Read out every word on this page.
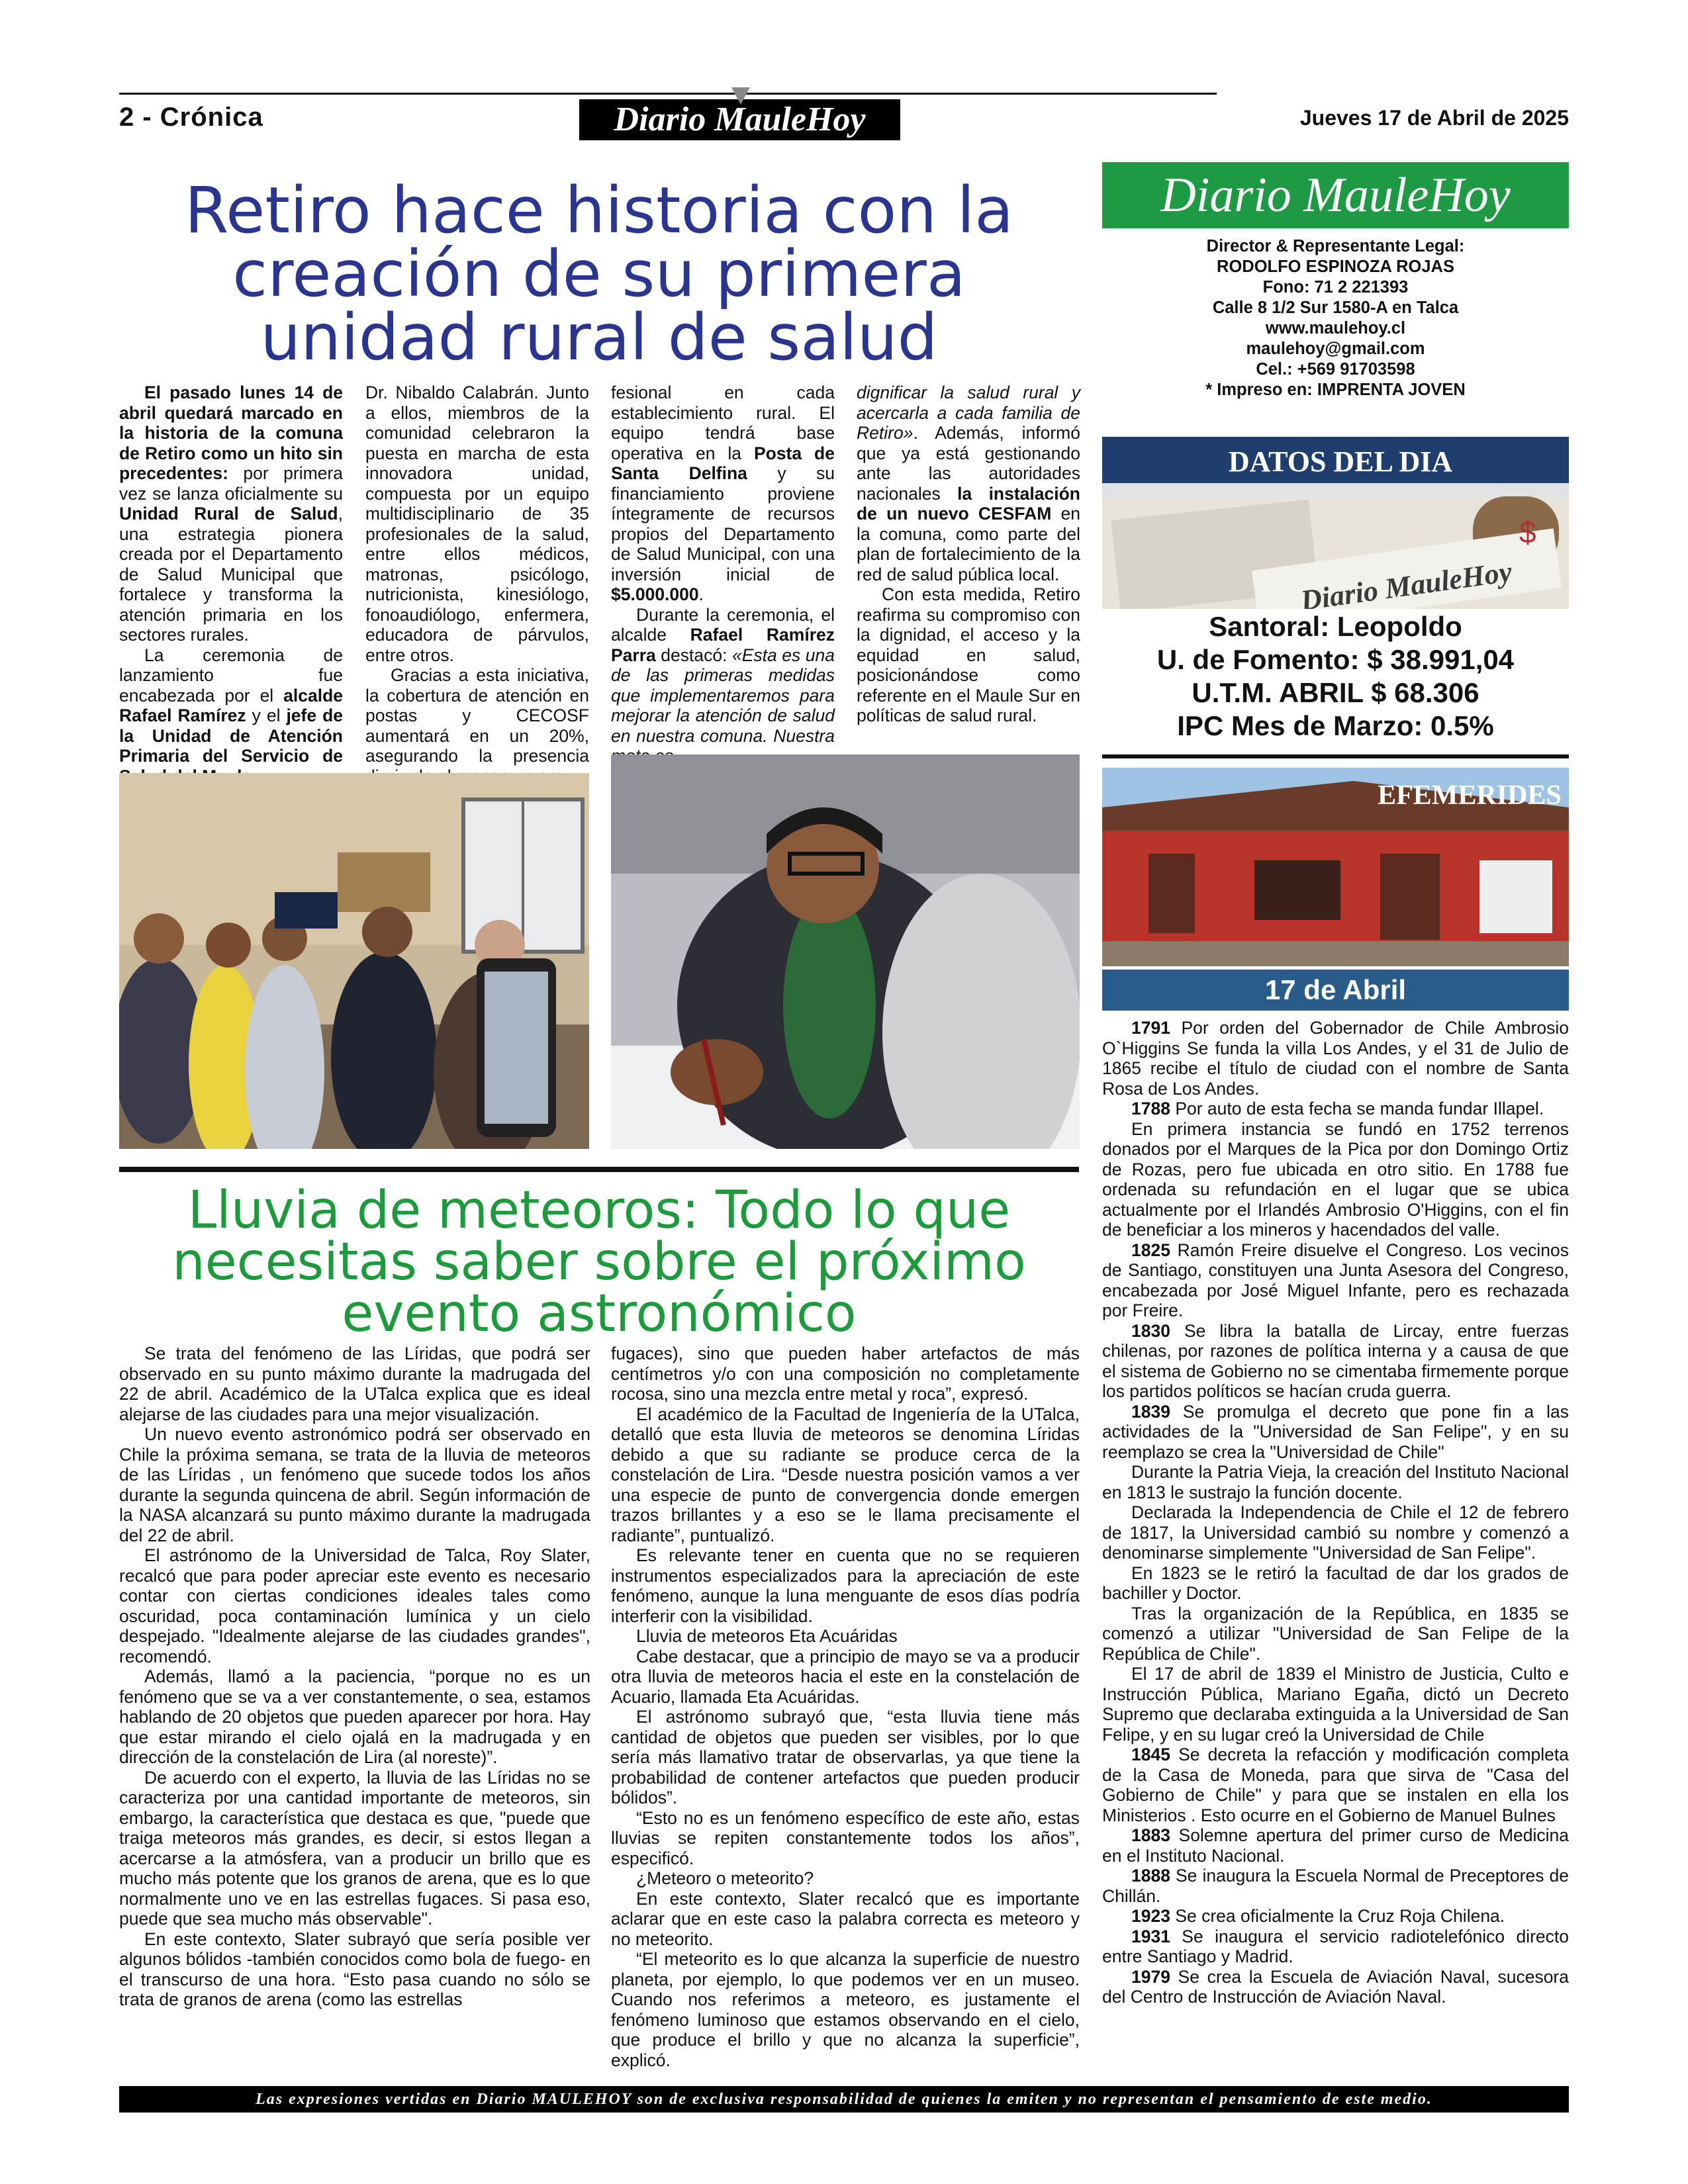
2 - Crónica	Diario MauleHoy	Jueves 17 de Abril de 2025
Retiro hace historia con la creación de su primera unidad rural de salud

El pasado lunes 14 de abril quedará marcado en la historia de la comuna de Retiro como un hito sin precedentes: por primera vez se lanza oficialmente su Unidad Rural de Salud, una estrategia pionera creada por el Departamento de Salud Municipal que fortalece y transforma la atención primaria en los sectores rurales.

La ceremonia de lanzamiento fue encabezada por el alcalde Rafael Ramírez y el jefe de la Unidad de Atención Primaria del Servicio de

Dr. Nibaldo Calabrán. Junto a ellos, miembros de la comunidad celebraron la puesta en marcha de esta innovadora unidad, compuesta por un equipo multidisciplinario de 35 profesionales de la salud, entre ellos médicos, matronas, psicólogo, nutricionista, kinesiólogo, fonoaudiólogo, enfermera, educadora de párvulos, entre otros.

Gracias a esta iniciativa, la cobertura de atención en postas y CECOSF aumentará en un 20%, asegurando la presencia

fesional en cada establecimiento rural. El equipo tendrá base operativa en la Posta de Santa Delfina y su financiamiento proviene íntegramente de recursos propios del Departamento de Salud Municipal, con una inversión inicial de $5.000.000.

Durante la ceremonia, el alcalde Rafael Ramírez Parra destacó: «Esta es una de las primeras medidas que implementaremos para mejorar la atención de salud en nuestra comuna. Nuestra

dignificar la salud rural y acercarla a cada familia de Retiro». Además, informó que ya está gestionando ante las autoridades nacionales la instalación de un nuevo CESFAM en la comuna, como parte del plan de fortalecimiento de la red de salud pública local.

Con esta medida, Retiro reafirma su compromiso con la dignidad, el acceso y la equidad en salud, posicionándose como referente en el Maule Sur en políticas de salud rural.

Lluvia de meteoros: Todo lo que necesitas saber sobre el próximo evento astronómico

Se trata del fenómeno de las Líridas, que podrá ser observado en su punto máximo durante la madrugada del 22 de abril. Académico de la UTalca explica que es ideal alejarse de las ciudades para una mejor visualización.

Un nuevo evento astronómico podrá ser observado en Chile la próxima semana, se trata de la lluvia de meteoros de las Líridas , un fenómeno que sucede todos los años durante la segunda quincena de abril. Según información de la NASA alcanzará su punto máximo durante la madrugada del 22 de abril.

El astrónomo de la Universidad de Talca, Roy Slater, recalcó que para poder apreciar este evento es necesario contar con ciertas condiciones ideales tales como oscuridad, poca contaminación lumínica y un cielo despejado. "Idealmente alejarse de las ciudades grandes", recomendó.

Además, llamó a la paciencia, “porque no es un fenómeno que se va a ver constantemente, o sea, estamos hablando de 20 objetos que pueden aparecer por hora. Hay que estar mirando el cielo ojalá en la madrugada y en dirección de la constelación de Lira (al noreste)”.

De acuerdo con el experto, la lluvia de las Líridas no se caracteriza por una cantidad importante de meteoros, sin embargo, la característica que destaca es que, "puede que traiga meteoros más grandes, es decir, si estos llegan a acercarse a la atmósfera, van a producir un brillo que es mucho más potente que los granos de arena, que es lo que normalmente uno ve en las estrellas fugaces. Si pasa eso, puede que sea mucho más observable".

En este contexto, Slater subrayó que sería posible ver algunos bólidos -también conocidos como bola de fuego- en el transcurso de una hora. “Esto pasa cuando no sólo se trata de granos de arena (como las estrellas

fugaces), sino que pueden haber artefactos de más centímetros y/o con una composición no completamente rocosa, sino una mezcla entre metal y roca”, expresó.

El académico de la Facultad de Ingeniería de la UTalca, detalló que esta lluvia de meteoros se denomina Líridas debido a que su radiante se produce cerca de la constelación de Lira. “Desde nuestra posición vamos a ver una especie de punto de convergencia donde emergen trazos brillantes y a eso se le llama precisamente el radiante”, puntualizó.

Es relevante tener en cuenta que no se requieren instrumentos especializados para la apreciación de este fenómeno, aunque la luna menguante de esos días podría interferir con la visibilidad.

Lluvia de meteoros Eta Acuáridas

Cabe destacar, que a principio de mayo se va a producir otra lluvia de meteoros hacia el este en la constelación de Acuario, llamada Eta Acuáridas.

El astrónomo subrayó que, “esta lluvia tiene más cantidad de objetos que pueden ser visibles, por lo que sería más llamativo tratar de observarlas, ya que tiene la probabilidad de contener artefactos que pueden producir bólidos”.

“Esto no es un fenómeno específico de este año, estas lluvias se repiten constantemente todos los años”, especificó.

¿Meteoro o meteorito?

En este contexto, Slater recalcó que es importante aclarar que en este caso la palabra correcta es meteoro y no meteorito.

“El meteorito es lo que alcanza la superficie de nuestro planeta, por ejemplo, lo que podemos ver en un museo. Cuando nos referimos a meteoro, es justamente el fenómeno luminoso que estamos observando en el cielo, que produce el brillo y que no alcanza la superficie”, explicó.

Diario MauleHoy
Director & Representante Legal:
RODOLFO ESPINOZA ROJAS
Fono: 71 2 221393
Calle 8 1/2 Sur 1580-A en Talca
www.maulehoy.cl
maulehoy@gmail.com
Cel.: +569 91703598
* Impreso en: IMPRENTA JOVEN
DATOS DEL DIA
Diario MauleHoy
$
Santoral: Leopoldo
U. de Fomento: $ 38.991,04
U.T.M. ABRIL $ 68.306
IPC Mes de Marzo: 0.5%
EFEMERIDES
17 de Abril

1791 Por orden del Gobernador de Chile Ambrosio O`Higgins Se funda la villa Los Andes, y el 31 de Julio de 1865 recibe el título de ciudad con el nombre de Santa Rosa de Los Andes.

1788 Por auto de esta fecha se manda fundar Illapel.

En primera instancia se fundó en 1752 terrenos donados por el Marques de la Pica por don Domingo Ortiz de Rozas, pero fue ubicada en otro sitio. En 1788 fue ordenada su refundación en el lugar que se ubica actualmente por el Irlandés Ambrosio O'Higgins, con el fin de beneficiar a los mineros y hacendados del valle.

1825 Ramón Freire disuelve el Congreso. Los vecinos de Santiago, constituyen una Junta Asesora del Congreso, encabezada por José Miguel Infante, pero es rechazada por Freire.

1830 Se libra la batalla de Lircay, entre fuerzas chilenas, por razones de política interna y a causa de que el sistema de Gobierno no se cimentaba firmemente porque los partidos políticos se hacían cruda guerra.

1839 Se promulga el decreto que pone fin a las actividades de la "Universidad de San Felipe", y en su reemplazo se crea la "Universidad de Chile"

Durante la Patria Vieja, la creación del Instituto Nacional en 1813 le sustrajo la función docente.

Declarada la Independencia de Chile el 12 de febrero de 1817, la Universidad cambió su nombre y comenzó a denominarse simplemente "Universidad de San Felipe".

En 1823 se le retiró la facultad de dar los grados de bachiller y Doctor.

Tras la organización de la República, en 1835 se comenzó a utilizar "Universidad de San Felipe de la República de Chile".

El 17 de abril de 1839 el Ministro de Justicia, Culto e Instrucción Pública, Mariano Egaña, dictó un Decreto Supremo que declaraba extinguida a la Universidad de San Felipe, y en su lugar creó la Universidad de Chile

1845 Se decreta la refacción y modificación completa de la Casa de Moneda, para que sirva de "Casa del Gobierno de Chile" y para que se instalen en ella los Ministerios . Esto ocurre en el Gobierno de Manuel Bulnes

1883 Solemne apertura del primer curso de Medicina en el Instituto Nacional.

1888 Se inaugura la Escuela Normal de Preceptores de Chillán.

1923 Se crea oficialmente la Cruz Roja Chilena.

1931 Se inaugura el servicio radiotelefónico directo entre Santiago y Madrid.

1979 Se crea la Escuela de Aviación Naval, sucesora del Centro de Instrucción de Aviación Naval.

Las expresiones vertidas en Diario MAULEHOY son de exclusiva responsabilidad de quienes la emiten y no representan el pensamiento de este medio.
